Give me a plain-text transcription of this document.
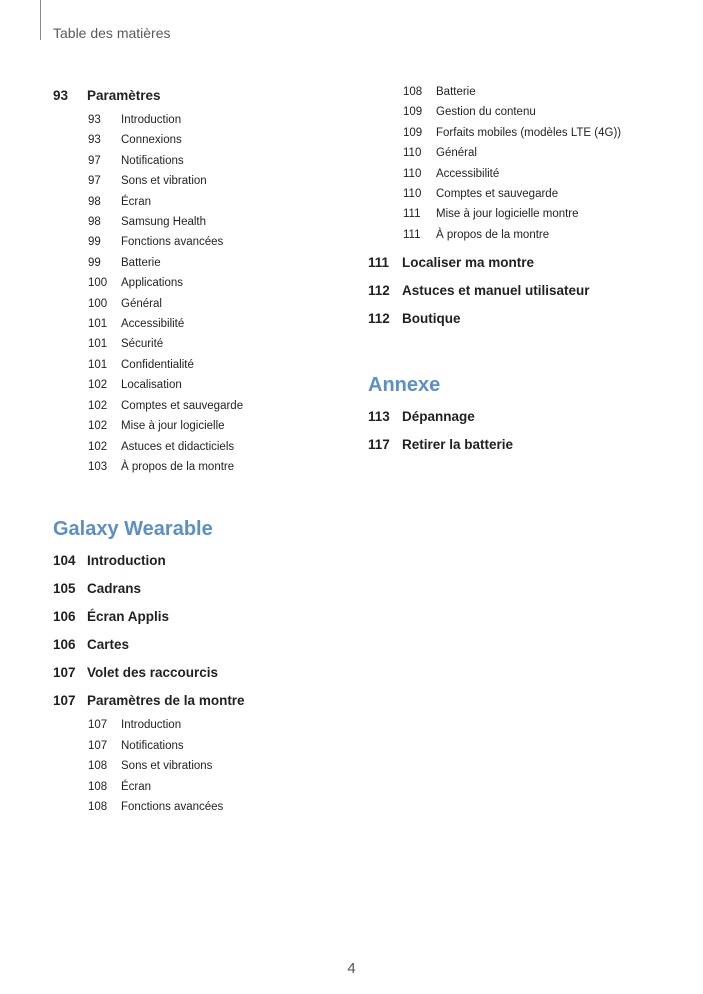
Table des matières
93 Paramètres
93 Introduction
93 Connexions
97 Notifications
97 Sons et vibration
98 Écran
98 Samsung Health
99 Fonctions avancées
99 Batterie
100 Applications
100 Général
101 Accessibilité
101 Sécurité
101 Confidentialité
102 Localisation
102 Comptes et sauvegarde
102 Mise à jour logicielle
102 Astuces et didacticiels
103 À propos de la montre
Galaxy Wearable
104 Introduction
105 Cadrans
106 Écran Applis
106 Cartes
107 Volet des raccourcis
107 Paramètres de la montre
107 Introduction
107 Notifications
108 Sons et vibrations
108 Écran
108 Fonctions avancées
108 Batterie
109 Gestion du contenu
109 Forfaits mobiles (modèles LTE (4G))
110 Général
110 Accessibilité
110 Comptes et sauvegarde
111 Mise à jour logicielle montre
111 À propos de la montre
111 Localiser ma montre
112 Astuces et manuel utilisateur
112 Boutique
Annexe
113 Dépannage
117 Retirer la batterie
4
